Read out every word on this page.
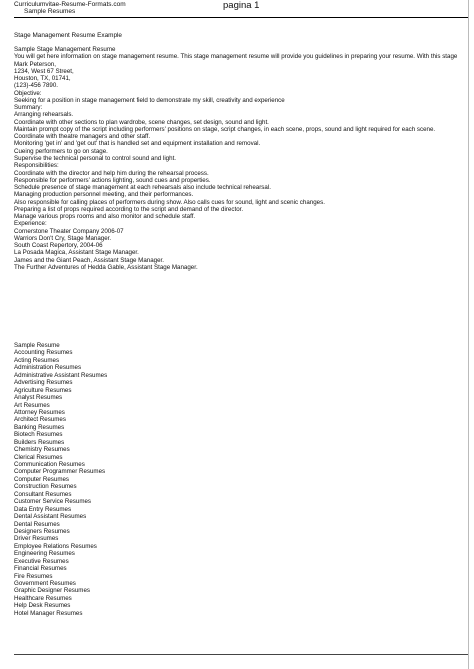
Curriculumvitae-Resume-Formats.com
Sample Resumes
pagina 1
Stage Management Resume Example
Sample Stage Management Resume
You will get here information on stage management resume. This stage management resume will provide you guidelines in preparing your resume. With this stage
Mark Peterson,
1234, West 67 Street,
Houston, TX, 01741,
(123)-456 7890.
Objective:
Seeking for a position in stage management field to demonstrate my skill, creativity and experience
Summary:
Arranging rehearsals.
Coordinate with other sections to plan wardrobe, scene changes, set design, sound and light.
Maintain prompt copy of the script including performers' positions on stage, script changes, in each scene, props, sound and light required for each scene.
Coordinate with theatre managers and other staff.
Monitoring 'get in' and 'get out' that is handled set and equipment installation and removal.
Cueing performers to go on stage.
Supervise the technical personal to control sound and light.
Responsibilities:
Coordinate with the director and help him during the rehearsal process.
Responsible for performers' actions lighting, sound cues and properties.
Schedule presence of stage management at each rehearsals also include technical rehearsal.
Managing production personnel meeting, and their performances.
Also responsible for calling places of performers during show. Also calls cues for sound, light and scenic changes.
Preparing a list of props required according to the script and demand of the director.
Manage various props rooms and also monitor and schedule staff.
Experience:
Cornerstone Theater Company 2006-07
Warriors Don't Cry, Stage Manager.
South Coast Repertory, 2004-06
La Posada Magica, Assistant Stage Manager.
James and the Giant Peach, Assistant Stage Manager.
The Further Adventures of Hedda Gable, Assistant Stage Manager.
Sample Resume
Accounting Resumes
Acting Resumes
Administration Resumes
Administrative Assistant Resumes
Advertising Resumes
Agriculture Resumes
Analyst Resumes
Art Resumes
Attorney Resumes
Architect Resumes
Banking Resumes
Biotech Resumes
Builders Resumes
Chemistry Resumes
Clerical Resumes
Communication Resumes
Computer Programmer Resumes
Computer Resumes
Construction Resumes
Consultant Resumes
Customer Service Resumes
Data Entry Resumes
Dental Assistant Resumes
Dental Resumes
Designers Resumes
Driver Resumes
Employee Relations Resumes
Engineering Resumes
Executive Resumes
Financial Resumes
Fire Resumes
Government Resumes
Graphic Designer Resumes
Healthcare Resumes
Help Desk Resumes
Hotel Manager Resumes
